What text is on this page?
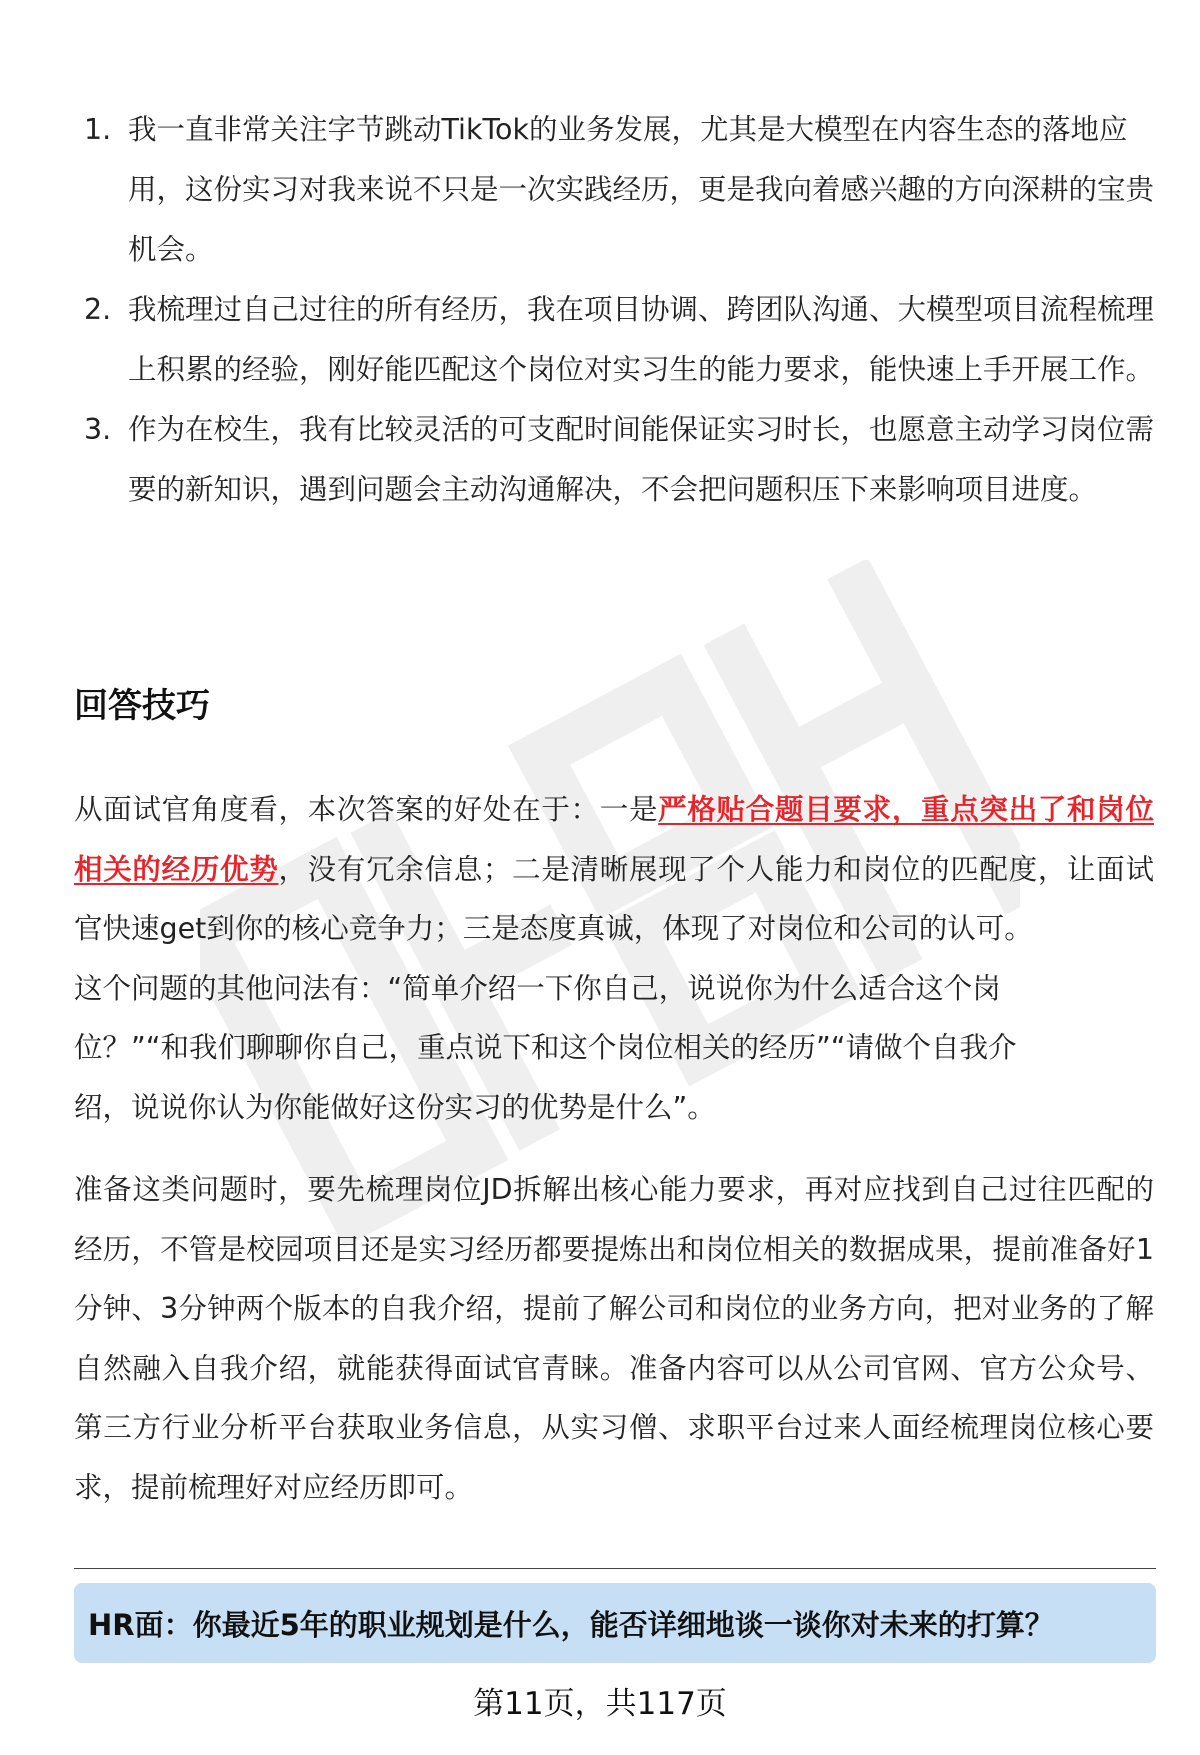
1. 我一直非常关注字节跳动TikTok的业务发展，尤其是大模型在内容生态的落地应用，这份实习对我来说不只是一次实践经历，更是我向着感兴趣的方向深耕的宝贵机会。
2. 我梳理过自己过往的所有经历，我在项目协调、跨团队沟通、大模型项目流程梳理上积累的经验，刚好能匹配这个岗位对实习生的能力要求，能快速上手开展工作。
3. 作为在校生，我有比较灵活的可支配时间能保证实习时长，也愿意主动学习岗位需要的新知识，遇到问题会主动沟通解决，不会把问题积压下来影响项目进度。
回答技巧

从面试官角度看，本次答案的好处在于：一是严格贴合题目要求，重点突出了和岗位相关的经历优势，没有冗余信息；二是清晰展现了个人能力和岗位的匹配度，让面试官快速get到你的核心竞争力；三是态度真诚，体现了对岗位和公司的认可。
这个问题的其他问法有：“简单介绍一下你自己，说说你为什么适合这个岗
位？”“和我们聊聊你自己，重点说下和这个岗位相关的经历”“请做个自我介
绍，说说你认为你能做好这份实习的优势是什么”。

准备这类问题时，要先梳理岗位JD拆解出核心能力要求，再对应找到自己过往匹配的经历，不管是校园项目还是实习经历都要提炼出和岗位相关的数据成果，提前准备好1分钟、3分钟两个版本的自我介绍，提前了解公司和岗位的业务方向，把对业务的了解自然融入自我介绍，就能获得面试官青睐。准备内容可以从公司官网、官方公众号、第三方行业分析平台获取业务信息，从实习僧、求职平台过来人面经梳理岗位核心要求，提前梳理好对应经历即可。

HR面：你最近5年的职业规划是什么，能否详细地谈一谈你对未来的打算？
第11页，共117页
